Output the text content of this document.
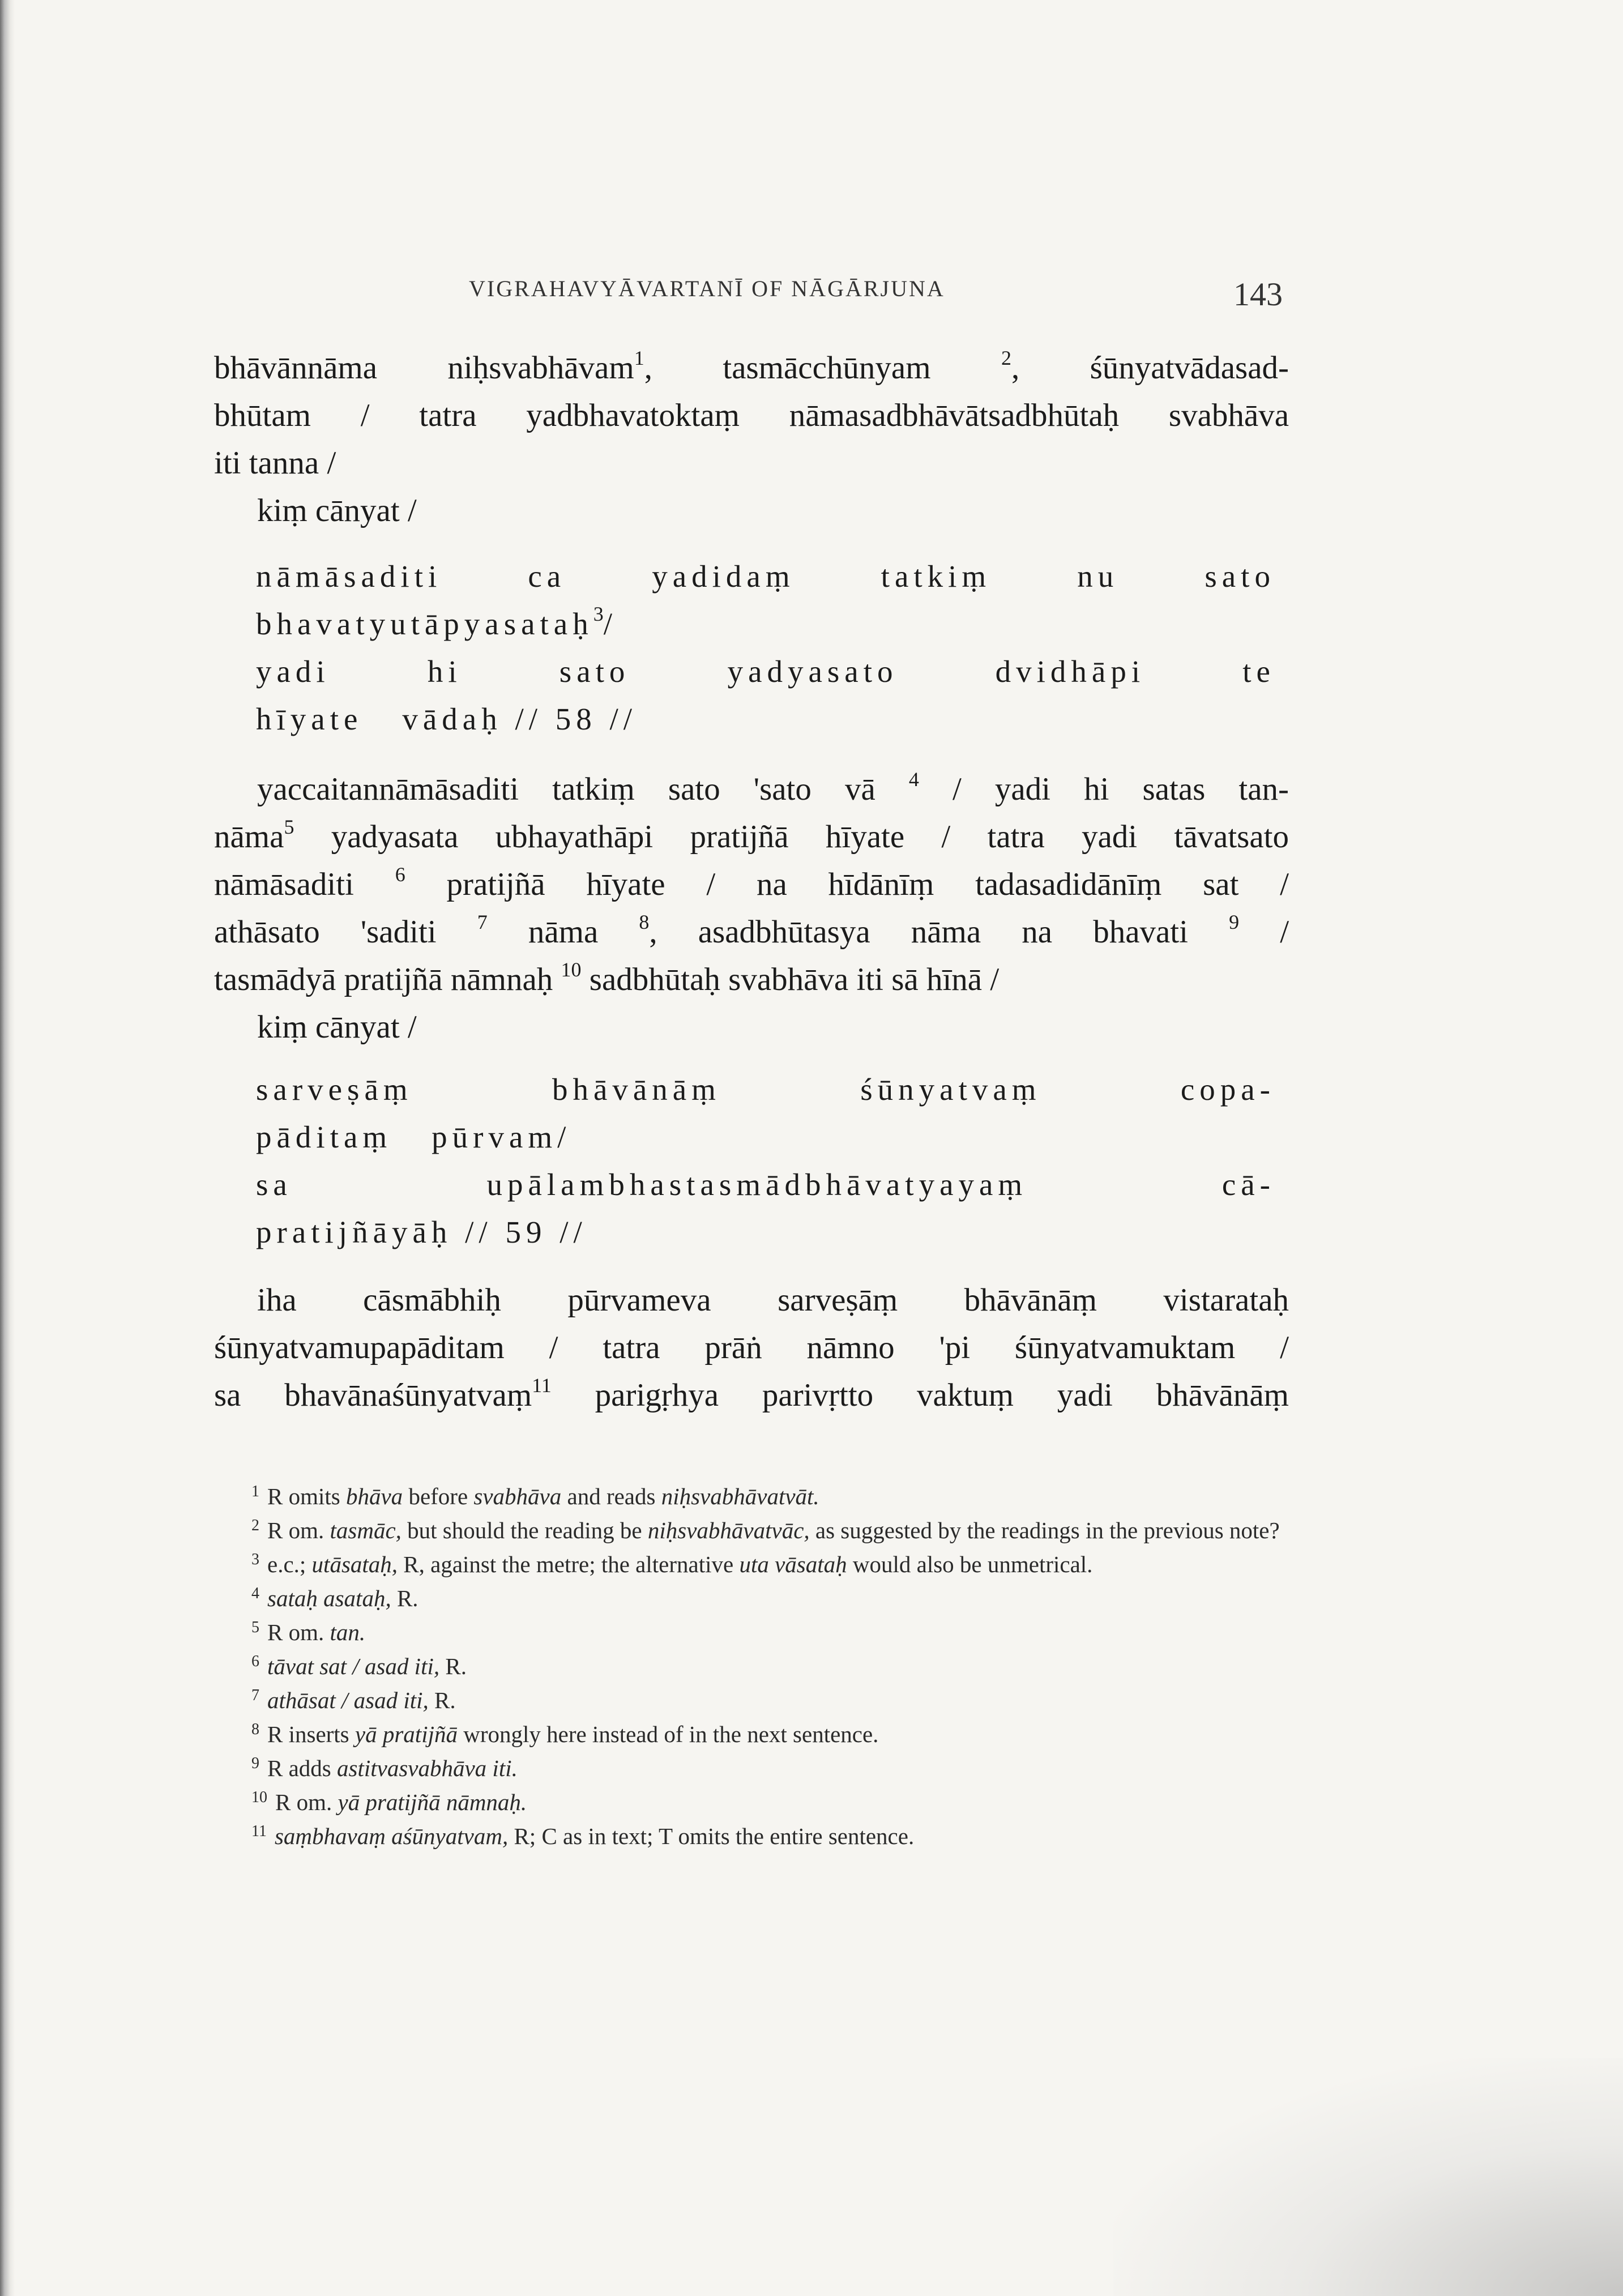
VIGRAHAVYĀVARTANĪ OF NĀGĀRJUNA	143
bhāvānnāma niḥsvabhāvam$^1$, tasmācchūnyam	$^2$, śūnyatvādasad-
bhūtam / tatra yadbhavatoktaṃ nāmasadbhāvātsadbhūtaḥ svabhāva
iti tanna /
kiṃ cānyat /
nāmāsaditi	ca	yadidaṃ	tatkiṃ	nu	sato
bhavatyutāpyasataḥ$^3$/
yadi	hi	sato	yadyasato	dvidhāpi	te
hīyate vādaḥ // 58 //
yaccaitannāmāsaditi tatkiṃ sato 'sato vā $^4$ / yadi hi satas tan-
nāma$^5$ yadyasata ubhayathāpi pratijñā hīyate / tatra yadi tāvatsato
nāmāsaditi $^6$ pratijñā hīyate / na hīdānīṃ tadasadidānīṃ sat /
athāsato 'saditi $^7$ nāma $^8$, asadbhūtasya nāma na bhavati $^9$ /
tasmādyā pratijñā nāmnaḥ $^{10}$ sadbhūtaḥ svabhāva iti sā hīnā /
kiṃ cānyat /
sarveṣāṃ	bhāvānāṃ	śūnyatvaṃ	copa-
pāditaṃ pūrvam/
sa	upālambhastasmādbhāvatyayaṃ	cā-
pratijñāyāḥ // 59 //
iha cāsmābhiḥ pūrvameva sarveṣāṃ bhāvānāṃ vistarataḥ
śūnyatvamupapāditam / tatra prāṅ nāmno 'pi śūnyatvamuktam /
sa bhavānaśūnyatvaṃ$^{11}$ parigṛhya parivṛtto vaktuṃ yadi bhāvānāṃ
$^1$ R omits bhāva before svabhāva and reads niḥsvabhāvatvāt.
$^2$ R om. tasmāc, but should the reading be niḥsvabhāvatvāc, as suggested by the readings in the previous note?
$^3$ e.c.; utāsataḥ, R, against the metre; the alternative uta vāsataḥ would also be unmetrical.
$^4$ sataḥ asataḥ, R.
$^5$ R om. tan.
$^6$ tāvat sat / asad iti, R.
$^7$ athāsat / asad iti, R.
$^8$ R inserts yā pratijñā wrongly here instead of in the next sentence.
$^9$ R adds astitvasvabhāva iti.
$^{10}$ R om. yā pratijñā nāmnaḥ.
$^{11}$ saṃbhavaṃ aśūnyatvam, R; C as in text; T omits the entire sentence.
